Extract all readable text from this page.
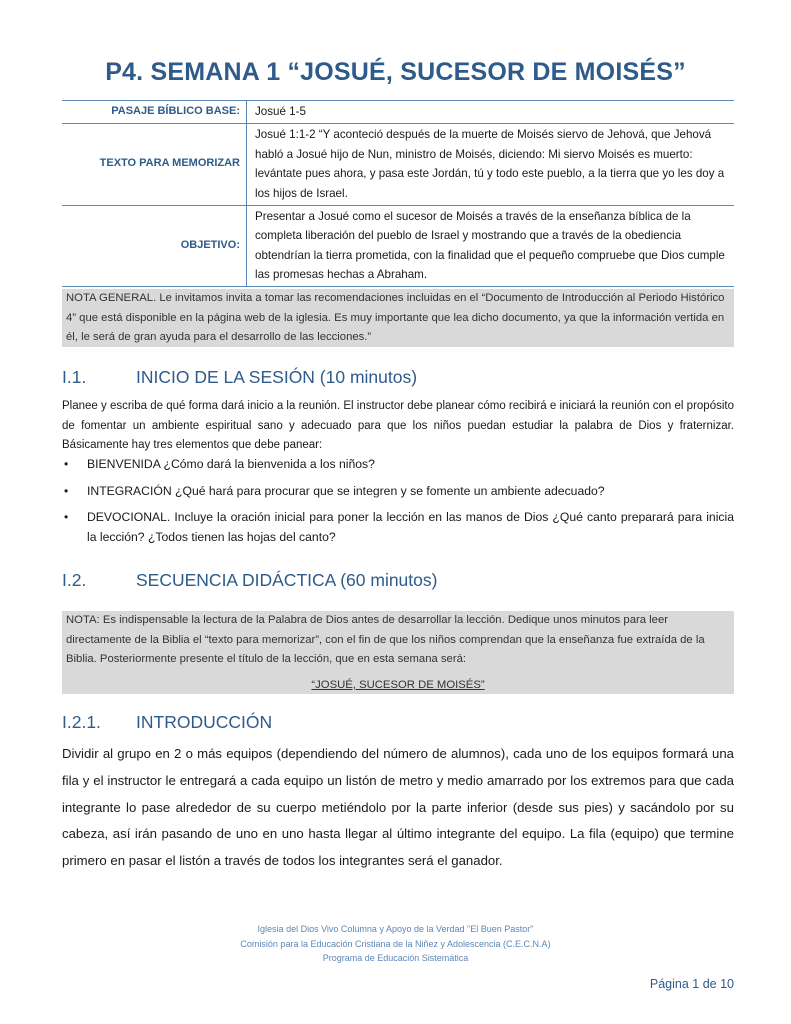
P4. SEMANA 1 “JOSUÉ, SUCESOR DE MOISÉS”
PASAJE BÍBLICO BASE:	Josué 1-5
TEXTO PARA MEMORIZAR	Josué 1:1-2 “Y aconteció después de la muerte de Moisés siervo de Jehová, que Jehová habló a Josué hijo de Nun, ministro de Moisés, diciendo: Mi siervo Moisés es muerto: levántate pues ahora, y pasa este Jordán, tú y todo este pueblo, a la tierra que yo les doy a los hijos de Israel.
OBJETIVO:	Presentar a Josué como el sucesor de Moisés a través de la enseñanza bíblica de la completa liberación del pueblo de Israel y mostrando que a través de la obediencia obtendrían la tierra prometida, con la finalidad que el pequeño compruebe que Dios cumple las promesas hechas a Abraham.
NOTA GENERAL. Le invitamos invita a tomar las recomendaciones incluidas en el “Documento de Introducción al Periodo Histórico 4” que está disponible en la página web de la iglesia. Es muy importante que lea dicho documento, ya que la información vertida en él, le será de gran ayuda para el desarrollo de las lecciones.”
I.1.	INICIO DE LA SESIÓN (10 minutos)
Planee y escriba de qué forma dará inicio a la reunión. El instructor debe planear cómo recibirá e iniciará la reunión con el propósito de fomentar un ambiente espiritual sano y adecuado para que los niños puedan estudiar la palabra de Dios y fraternizar. Básicamente hay tres elementos que debe panear:
• BIENVENIDA ¿Cómo dará la bienvenida a los niños?
• INTEGRACIÓN ¿Qué hará para procurar que se integren y se fomente un ambiente adecuado?
• DEVOCIONAL. Incluye la oración inicial para poner la lección en las manos de Dios ¿Qué canto preparará para inicia la lección? ¿Todos tienen las hojas del canto?
I.2.	SECUENCIA DIDÁCTICA (60 minutos)
NOTA: Es indispensable la lectura de la Palabra de Dios antes de desarrollar la lección. Dedique unos minutos para leer directamente de la Biblia el “texto para memorizar”, con el fin de que los niños comprendan que la enseñanza fue extraída de la Biblia. Posteriormente presente el título de la lección, que en esta semana será:
“JOSUÉ, SUCESOR DE MOISÉS”
I.2.1. INTRODUCCIÓN
Dividir al grupo en 2 o más equipos (dependiendo del número de alumnos), cada uno de los equipos formará una fila y el instructor le entregará a cada equipo un listón de metro y medio amarrado por los extremos para que cada integrante lo pase alrededor de su cuerpo metiéndolo por la parte inferior (desde sus pies) y sacándolo por su cabeza, así irán pasando de uno en uno hasta llegar al último integrante del equipo. La fila (equipo) que termine primero en pasar el listón a través de todos los integrantes será el ganador.
Iglesia del Dios Vivo Columna y Apoyo de la Verdad "El Buen Pastor"
Comisión para la Educación Cristiana de la Niñez y Adolescencia (C.E.C.N.A)
Programa de Educación Sistemática
Página 1 de 10
